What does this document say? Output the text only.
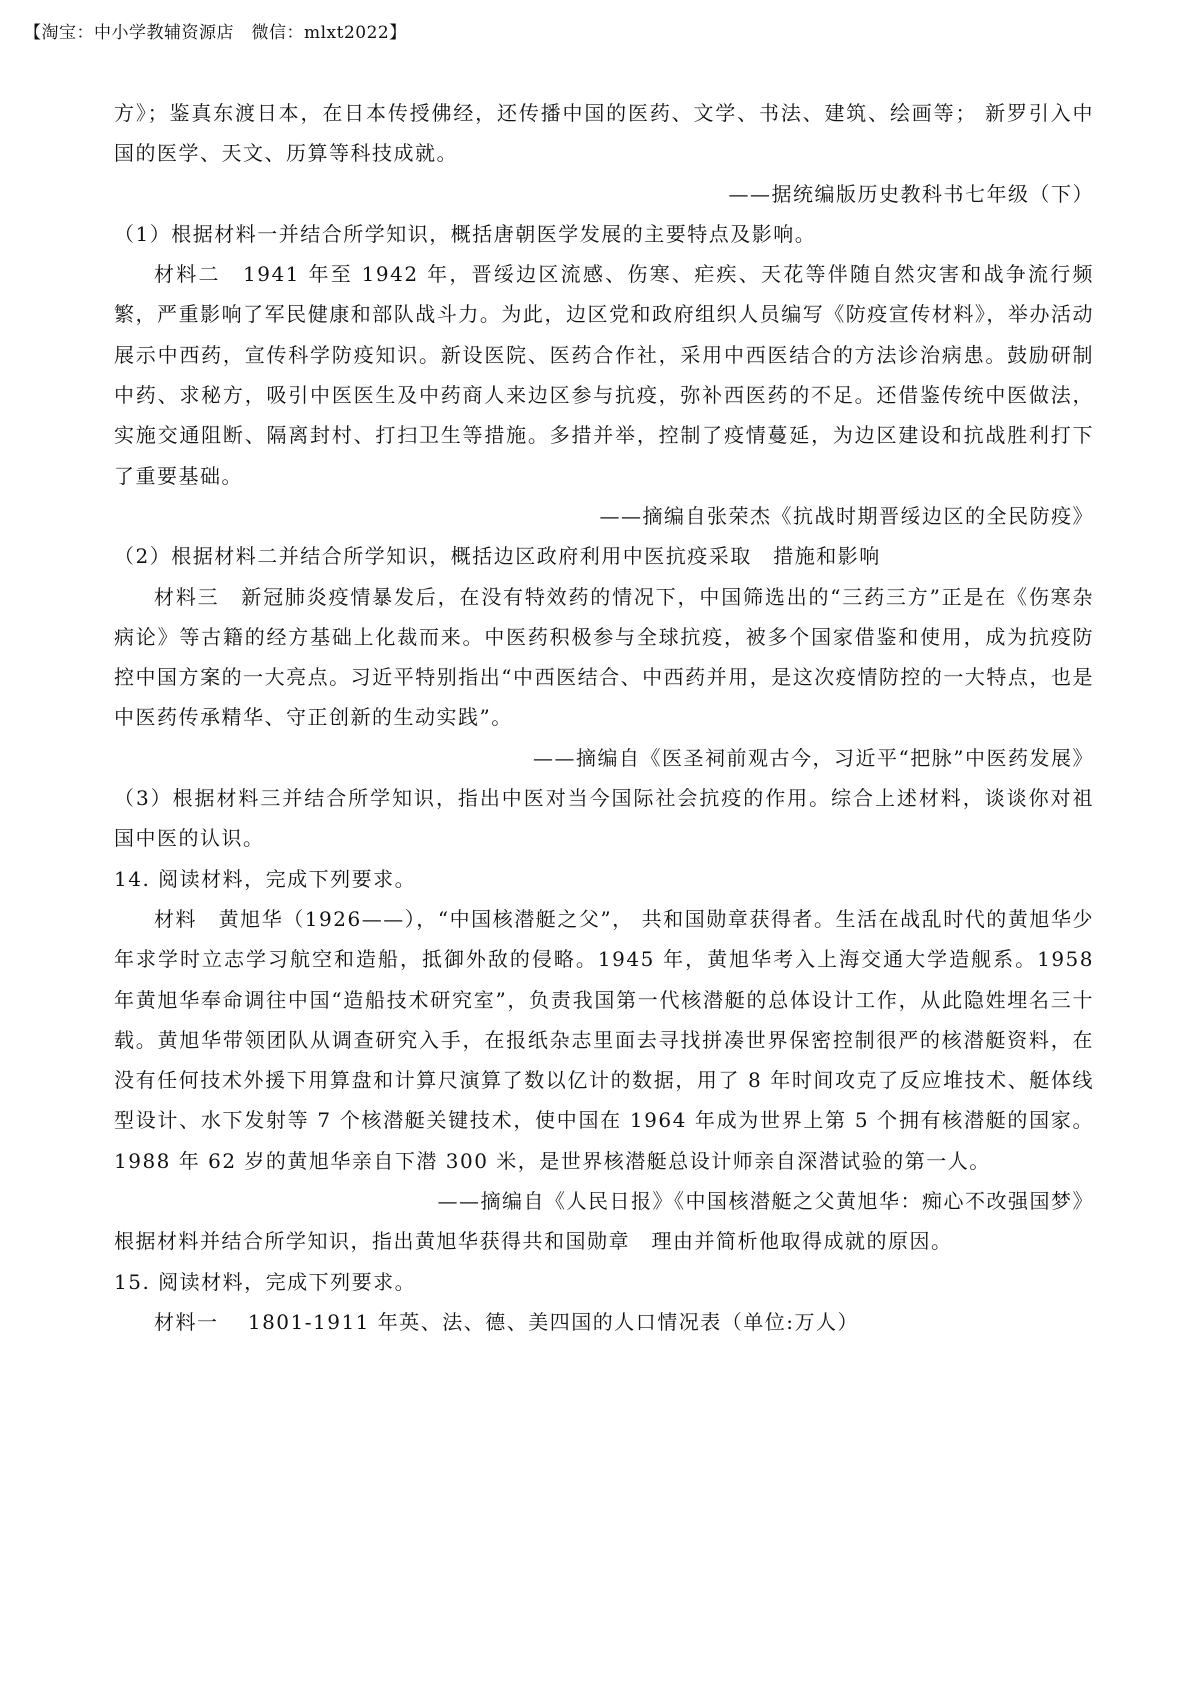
【淘宝：中小学教辅资源店　微信：mlxt2022】

方》；鉴真东渡日本，在日本传授佛经，还传播中国的医药、文学、书法、建筑、绘画等； 新罗引入中国的医学、天文、历算等科技成就。

——据统编版历史教科书七年级（下）

（1）根据材料一并结合所学知识，概括唐朝医学发展的主要特点及影响。

材料二　1941 年至 1942 年，晋绥边区流感、伤寒、疟疾、天花等伴随自然灾害和战争流行频繁，严重影响了军民健康和部队战斗力。为此，边区党和政府组织人员编写《防疫宣传材料》，举办活动展示中西药，宣传科学防疫知识。新设医院、医药合作社，采用中西医结合的方法诊治病患。鼓励研制中药、求秘方，吸引中医医生及中药商人来边区参与抗疫，弥补西医药的不足。还借鉴传统中医做法，实施交通阻断、隔离封村、打扫卫生等措施。多措并举，控制了疫情蔓延，为边区建设和抗战胜利打下了重要基础。

——摘编自张荣杰《抗战时期晋绥边区的全民防疫》

（2）根据材料二并结合所学知识，概括边区政府利用中医抗疫采取　措施和影响

材料三　新冠肺炎疫情暴发后，在没有特效药的情况下，中国筛选出的“三药三方”正是在《伤寒杂病论》等古籍的经方基础上化裁而来。中医药积极参与全球抗疫，被多个国家借鉴和使用，成为抗疫防控中国方案的一大亮点。习近平特别指出“中西医结合、中西药并用，是这次疫情防控的一大特点，也是中医药传承精华、守正创新的生动实践”。

——摘编自《医圣祠前观古今，习近平“把脉”中医药发展》

（3）根据材料三并结合所学知识，指出中医对当今国际社会抗疫的作用。综合上述材料，谈谈你对祖国中医的认识。

14. 阅读材料，完成下列要求。

材料　黄旭华（1926——），“中国核潜艇之父”， 共和国勋章获得者。生活在战乱时代的黄旭华少年求学时立志学习航空和造船，抵御外敌的侵略。1945 年，黄旭华考入上海交通大学造舰系。1958 年黄旭华奉命调往中国“造船技术研究室”，负责我国第一代核潜艇的总体设计工作，从此隐姓埋名三十载。黄旭华带领团队从调查研究入手，在报纸杂志里面去寻找拼凑世界保密控制很严的核潜艇资料，在没有任何技术外援下用算盘和计算尺演算了数以亿计的数据，用了 8 年时间攻克了反应堆技术、艇体线型设计、水下发射等 7 个核潜艇关键技术，使中国在 1964 年成为世界上第 5 个拥有核潜艇的国家。1988 年 62 岁的黄旭华亲自下潜 300 米，是世界核潜艇总设计师亲自深潜试验的第一人。

——摘编自《人民日报》《中国核潜艇之父黄旭华：痴心不改强国梦》

根据材料并结合所学知识，指出黄旭华获得共和国勋章　理由并简析他取得成就的原因。

15. 阅读材料，完成下列要求。

材料一　 1801-1911 年英、法、德、美四国的人口情况表（单位:万人）
